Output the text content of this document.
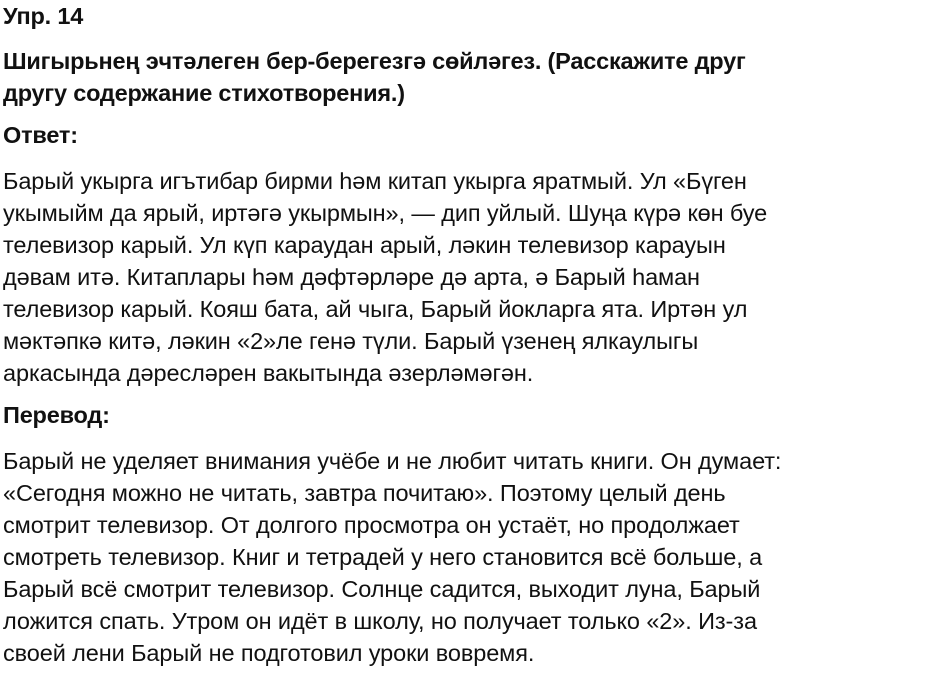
Упр. 14
Шигырьнең эчтәлеген бер-берегезгә сөйләгез. (Расскажите друг
другу содержание стихотворения.)
Ответ:
Барый укырга игътибар бирми һәм китап укырга яратмый. Ул «Бүген
укымыйм да ярый, иртәгә укырмын», — дип уйлый. Шуңа күрә көн буе
телевизор карый. Ул күп караудан арый, ләкин телевизор карауын
дәвам итә. Китаплары һәм дәфтәрләре дә арта, ә Барый һаман
телевизор карый. Кояш бата, ай чыга, Барый йокларга ята. Иртән ул
мәктәпкә китә, ләкин «2»ле генә түли. Барый үзенең ялкаулыгы
аркасында дәресләрен вакытында әзерләмәгән.
Перевод:
Барый не уделяет внимания учёбе и не любит читать книги. Он думает:
«Сегодня можно не читать, завтра почитаю». Поэтому целый день
смотрит телевизор. От долгого просмотра он устаёт, но продолжает
смотреть телевизор. Книг и тетрадей у него становится всё больше, а
Барый всё смотрит телевизор. Солнце садится, выходит луна, Барый
ложится спать. Утром он идёт в школу, но получает только «2». Из-за
своей лени Барый не подготовил уроки вовремя.
